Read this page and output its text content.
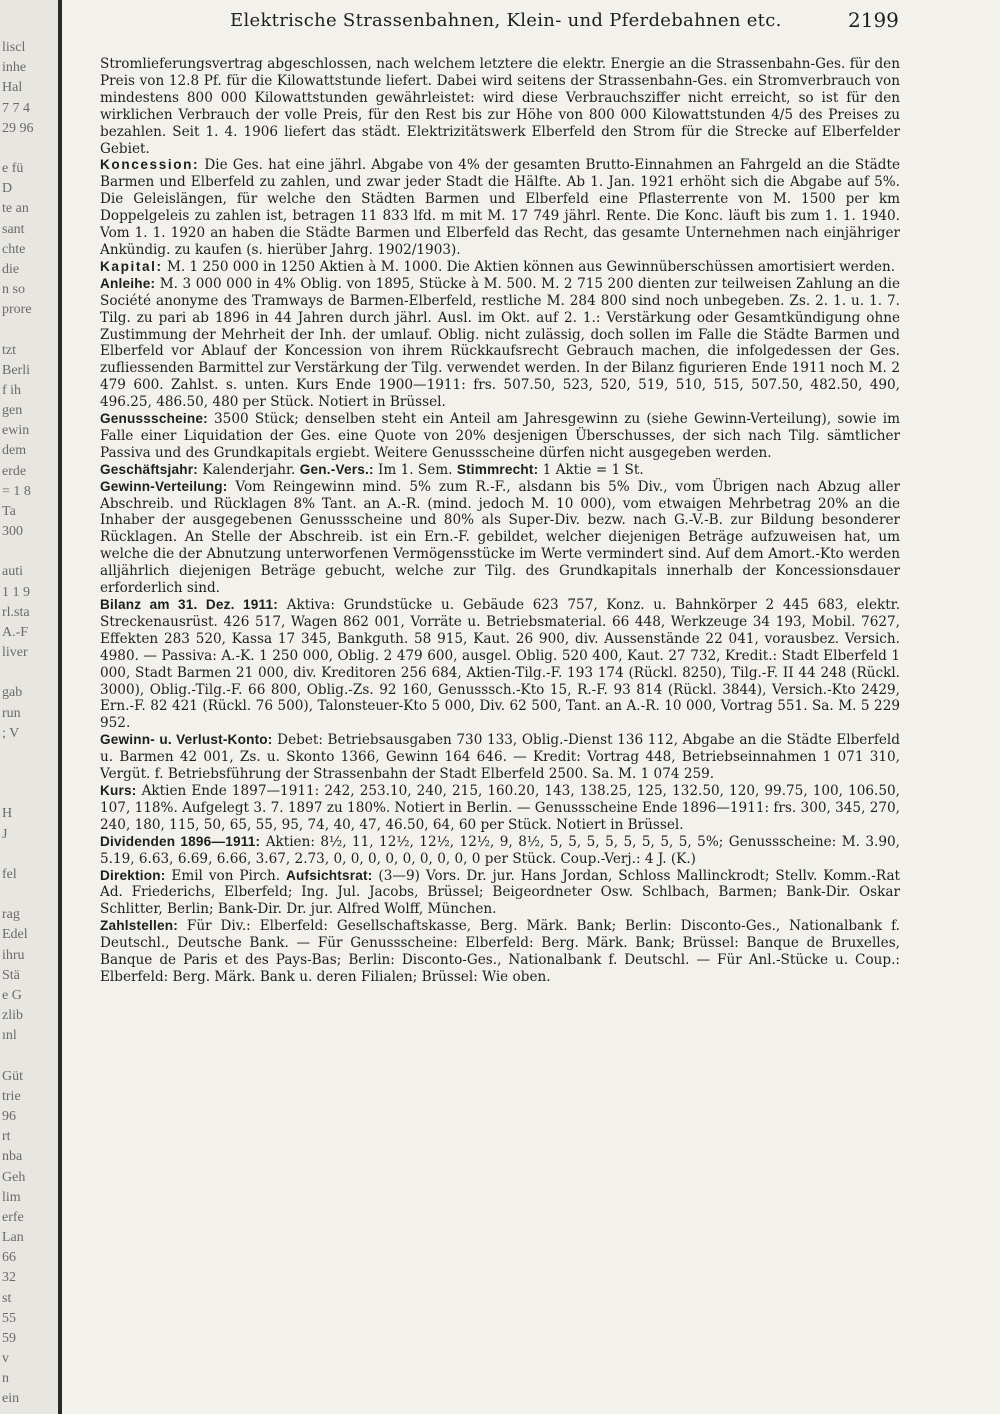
liscl
inhe
Hal
7 7 4
29 96
e fü
D
te an
sant
chte
die
n so
prore
tzt
Berli
f ih
gen
ewin
dem
erde
= 1 8
Ta
300
auti
1 1 9
rl.sta
A.-F
liver
gab
run
; V
H
J
fel
rag
Edel
ihru
Stä
e G
zlib
ınl
Güt
trie
96
rt
nba
Geh
lim
erfe
Lan
66
32
st
55
59
v
n
ein
Elektrische Strassenbahnen, Klein- und Pferdebahnen etc.	2199

Stromlieferungsvertrag abgeschlossen, nach welchem letztere die elektr. Energie an die Strassenbahn-Ges. für den Preis von 12.8 Pf. für die Kilowattstunde liefert. Dabei wird seitens der Strassenbahn-Ges. ein Stromverbrauch von mindestens 800 000 Kilowattstunden gewährleistet: wird diese Verbrauchsziffer nicht erreicht, so ist für den wirklichen Verbrauch der volle Preis, für den Rest bis zur Höhe von 800 000 Kilowattstunden 4/5 des Preises zu bezahlen. Seit 1. 4. 1906 liefert das städt. Elektrizitätswerk Elberfeld den Strom für die Strecke auf Elberfelder Gebiet.

Koncession: Die Ges. hat eine jährl. Abgabe von 4% der gesamten Brutto-Einnahmen an Fahrgeld an die Städte Barmen und Elberfeld zu zahlen, und zwar jeder Stadt die Hälfte. Ab 1. Jan. 1921 erhöht sich die Abgabe auf 5%. Die Geleislängen, für welche den Städten Barmen und Elberfeld eine Pflasterrente von M. 1500 per km Doppelgeleis zu zahlen ist, betragen 11 833 lfd. m mit M. 17 749 jährl. Rente. Die Konc. läuft bis zum 1. 1. 1940. Vom 1. 1. 1920 an haben die Städte Barmen und Elberfeld das Recht, das gesamte Unternehmen nach einjähriger Ankündig. zu kaufen (s. hierüber Jahrg. 1902/1903).

Kapital: M. 1 250 000 in 1250 Aktien à M. 1000. Die Aktien können aus Gewinnüberschüssen amortisiert werden.

Anleihe: M. 3 000 000 in 4% Oblig. von 1895, Stücke à M. 500. M. 2 715 200 dienten zur teilweisen Zahlung an die Société anonyme des Tramways de Barmen-Elberfeld, restliche M. 284 800 sind noch unbegeben. Zs. 2. 1. u. 1. 7. Tilg. zu pari ab 1896 in 44 Jahren durch jährl. Ausl. im Okt. auf 2. 1.: Verstärkung oder Gesamtkündigung ohne Zustimmung der Mehrheit der Inh. der umlauf. Oblig. nicht zulässig, doch sollen im Falle die Städte Barmen und Elberfeld vor Ablauf der Koncession von ihrem Rückkaufsrecht Gebrauch machen, die infolgedessen der Ges. zufliessenden Barmittel zur Verstärkung der Tilg. verwendet werden. In der Bilanz figurieren Ende 1911 noch M. 2 479 600. Zahlst. s. unten. Kurs Ende 1900—1911: frs. 507.50, 523, 520, 519, 510, 515, 507.50, 482.50, 490, 496.25, 486.50, 480 per Stück. Notiert in Brüssel.

Genussscheine: 3500 Stück; denselben steht ein Anteil am Jahresgewinn zu (siehe Gewinn-Verteilung), sowie im Falle einer Liquidation der Ges. eine Quote von 20% desjenigen Überschusses, der sich nach Tilg. sämtlicher Passiva und des Grundkapitals ergiebt. Weitere Genussscheine dürfen nicht ausgegeben werden.

Geschäftsjahr: Kalenderjahr. Gen.-Vers.: Im 1. Sem. Stimmrecht: 1 Aktie = 1 St.

Gewinn-Verteilung: Vom Reingewinn mind. 5% zum R.-F., alsdann bis 5% Div., vom Übrigen nach Abzug aller Abschreib. und Rücklagen 8% Tant. an A.-R. (mind. jedoch M. 10 000), vom etwaigen Mehrbetrag 20% an die Inhaber der ausgegebenen Genussscheine und 80% als Super-Div. bezw. nach G.-V.-B. zur Bildung besonderer Rücklagen. An Stelle der Abschreib. ist ein Ern.-F. gebildet, welcher diejenigen Beträge aufzuweisen hat, um welche die der Abnutzung unterworfenen Vermögensstücke im Werte vermindert sind. Auf dem Amort.-Kto werden alljährlich diejenigen Beträge gebucht, welche zur Tilg. des Grundkapitals innerhalb der Koncessionsdauer erforderlich sind.

Bilanz am 31. Dez. 1911: Aktiva: Grundstücke u. Gebäude 623 757, Konz. u. Bahnkörper 2 445 683, elektr. Streckenausrüst. 426 517, Wagen 862 001, Vorräte u. Betriebsmaterial. 66 448, Werkzeuge 34 193, Mobil. 7627, Effekten 283 520, Kassa 17 345, Bankguth. 58 915, Kaut. 26 900, div. Aussenstände 22 041, vorausbez. Versich. 4980. — Passiva: A.-K. 1 250 000, Oblig. 2 479 600, ausgel. Oblig. 520 400, Kaut. 27 732, Kredit.: Stadt Elberfeld 1 000, Stadt Barmen 21 000, div. Kreditoren 256 684, Aktien-Tilg.-F. 193 174 (Rückl. 8250), Tilg.-F. II 44 248 (Rückl. 3000), Oblig.-Tilg.-F. 66 800, Oblig.-Zs. 92 160, Genusssch.-Kto 15, R.-F. 93 814 (Rückl. 3844), Versich.-Kto 2429, Ern.-F. 82 421 (Rückl. 76 500), Talonsteuer-Kto 5 000, Div. 62 500, Tant. an A.-R. 10 000, Vortrag 551. Sa. M. 5 229 952.

Gewinn- u. Verlust-Konto: Debet: Betriebsausgaben 730 133, Oblig.-Dienst 136 112, Abgabe an die Städte Elberfeld u. Barmen 42 001, Zs. u. Skonto 1366, Gewinn 164 646. — Kredit: Vortrag 448, Betriebseinnahmen 1 071 310, Vergüt. f. Betriebsführung der Strassenbahn der Stadt Elberfeld 2500. Sa. M. 1 074 259.

Kurs: Aktien Ende 1897—1911: 242, 253.10, 240, 215, 160.20, 143, 138.25, 125, 132.50, 120, 99.75, 100, 106.50, 107, 118%. Aufgelegt 3. 7. 1897 zu 180%. Notiert in Berlin. — Genussscheine Ende 1896—1911: frs. 300, 345, 270, 240, 180, 115, 50, 65, 55, 95, 74, 40, 47, 46.50, 64, 60 per Stück. Notiert in Brüssel.

Dividenden 1896—1911: Aktien: 8½, 11, 12½, 12½, 12½, 9, 8½, 5, 5, 5, 5, 5, 5, 5, 5, 5%; Genussscheine: M. 3.90, 5.19, 6.63, 6.69, 6.66, 3.67, 2.73, 0, 0, 0, 0, 0, 0, 0, 0, 0 per Stück. Coup.-Verj.: 4 J. (K.)

Direktion: Emil von Pirch. Aufsichtsrat: (3—9) Vors. Dr. jur. Hans Jordan, Schloss Mallinckrodt; Stellv. Komm.-Rat Ad. Friederichs, Elberfeld; Ing. Jul. Jacobs, Brüssel; Beigeordneter Osw. Schlbach, Barmen; Bank-Dir. Oskar Schlitter, Berlin; Bank-Dir. Dr. jur. Alfred Wolff, München.

Zahlstellen: Für Div.: Elberfeld: Gesellschaftskasse, Berg. Märk. Bank; Berlin: Disconto-Ges., Nationalbank f. Deutschl., Deutsche Bank. — Für Genussscheine: Elberfeld: Berg. Märk. Bank; Brüssel: Banque de Bruxelles, Banque de Paris et des Pays-Bas; Berlin: Disconto-Ges., Nationalbank f. Deutschl. — Für Anl.-Stücke u. Coup.: Elberfeld: Berg. Märk. Bank u. deren Filialen; Brüssel: Wie oben.
